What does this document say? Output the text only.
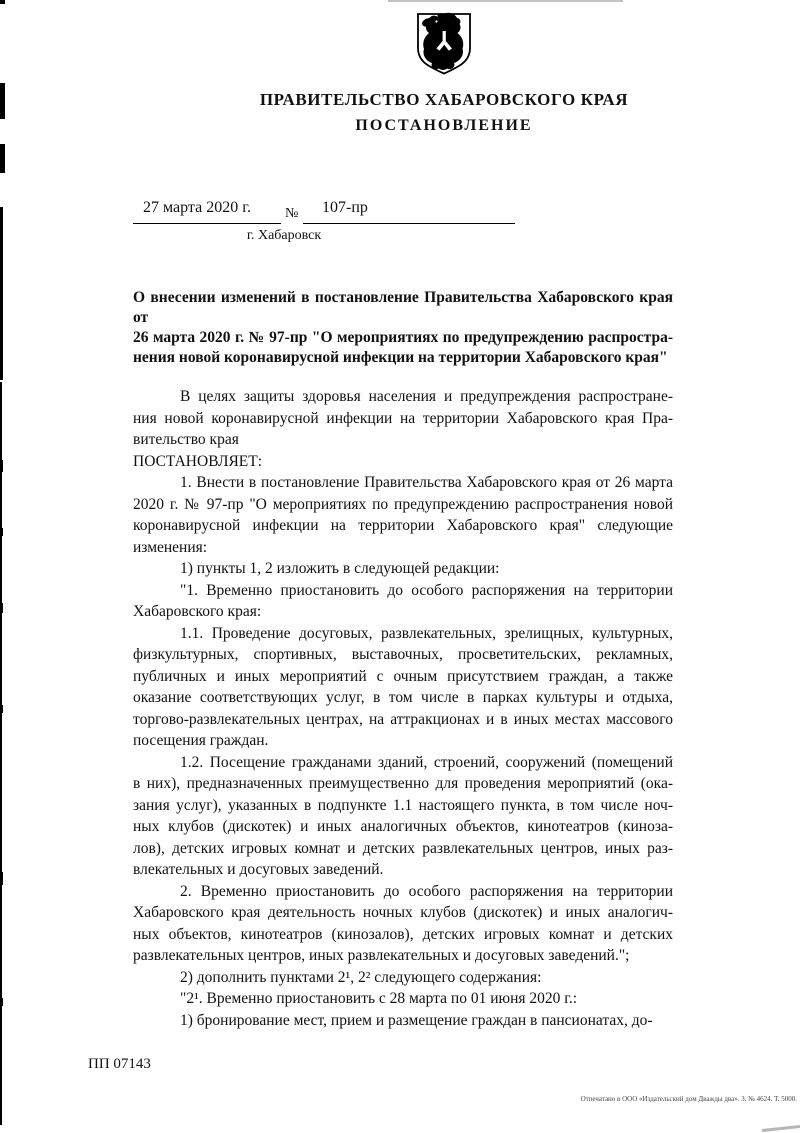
ПРАВИТЕЛЬСТВО ХАБАРОВСКОГО КРАЯ
ПОСТАНОВЛЕНИЕ
27 марта 2020 г. № 107-пр
г. Хабаровск
О внесении изменений в постановление Правительства Хабаровского края от
26 марта 2020 г. № 97-пр "О мероприятиях по предупреждению распростра-
нения новой коронавирусной инфекции на территории Хабаровского края"
В целях защиты здоровья населения и предупреждения распростране-
ния новой коронавирусной инфекции на территории Хабаровского края Пра-
вительство края
ПОСТАНОВЛЯЕТ:
1. Внести в постановление Правительства Хабаровского края от 26 марта
2020 г. № 97-пр "О мероприятиях по предупреждению распространения новой
коронавирусной инфекции на территории Хабаровского края" следующие
изменения:
1) пункты 1, 2 изложить в следующей редакции:
"1. Временно приостановить до особого распоряжения на территории
Хабаровского края:
1.1. Проведение досуговых, развлекательных, зрелищных, культурных,
физкультурных, спортивных, выставочных, просветительских, рекламных,
публичных и иных мероприятий с очным присутствием граждан, а также
оказание соответствующих услуг, в том числе в парках культуры и отдыха,
торгово-развлекательных центрах, на аттракционах и в иных местах массового
посещения граждан.
1.2. Посещение гражданами зданий, строений, сооружений (помещений
в них), предназначенных преимущественно для проведения мероприятий (ока-
зания услуг), указанных в подпункте 1.1 настоящего пункта, в том числе ноч-
ных клубов (дискотек) и иных аналогичных объектов, кинотеатров (киноза-
лов), детских игровых комнат и детских развлекательных центров, иных раз-
влекательных и досуговых заведений.
2. Временно приостановить до особого распоряжения на территории
Хабаровского края деятельность ночных клубов (дискотек) и иных аналогич-
ных объектов, кинотеатров (кинозалов), детских игровых комнат и детских
развлекательных центров, иных развлекательных и досуговых заведений.";
2) дополнить пунктами 2¹, 2² следующего содержания:
"2¹. Временно приостановить с 28 марта по 01 июня 2020 г.:
1) бронирование мест, прием и размещение граждан в пансионатах, до-
ПП 07143
Отпечатано в ООО «Издательский дом Дважды два». З. № 4624. Т. 5000.
